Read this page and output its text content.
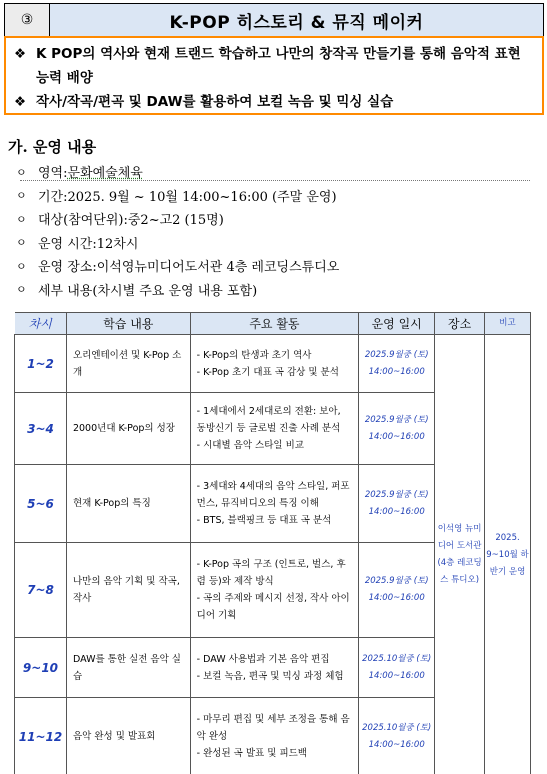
③	K-POP 히스토리 & 뮤직 메이커
❖ K POP의 역사와 현재 트랜드 학습하고 나만의 창작곡 만들기를 통해 음악적 표현 능력 배양
❖ 작사/작곡/편곡 및 DAW를 활용하여 보컬 녹음 및 믹싱 실습
가. 운영 내용
ㅇ 영역: 문화예술체육
ㅇ 기간: 2025. 9월 ~ 10월 14:00~16:00 (주말 운영)
ㅇ 대상(참여단위): 중2~고2 (15명)
ㅇ 운영 시간: 12차시
ㅇ 운영 장소: 이석영뉴미디어도서관 4층 레코딩스튜디오
ㅇ 세부 내용 (차시별 주요 운영 내용 포함)
차시	학습 내용	주요 활동	운영 일시	장소	비고
1~2	오리엔테이션 및 K-Pop 소개	- K-Pop의 탄생과 초기 역사
- K-Pop 초기 대표 곡 감상 및 분석	2025.9월중 (토)
14:00~16:00	이석영 뉴미디어 도서관 (4층 레코딩스 튜디오)	2025. 9~10월 하반기 운영
3~4	2000년대 K-Pop의 성장	- 1세대에서 2세대로의 전환: 보아, 동방신기 등 글로벌 진출 사례 분석
- 시대별 음악 스타일 비교	2025.9월중 (토)
14:00~16:00		

5~6	현재 K-Pop의 특징	- 3세대와 4세대의 음악 스타일, 퍼포먼스, 뮤직비디오의 특징 이해
- BTS, 블랙핑크 등 대표 곡 분석	2025.9월중 (토)
14:00~16:00		

7~8	나만의 음악 기획 및 작곡, 작사	- K-Pop 곡의 구조 (인트로, 벌스, 후렴 등)와 제작 방식
- 곡의 주제와 메시지 선정, 작사 아이디어 기획	2025.9월중 (토)
14:00~16:00		

9~10	DAW를 통한 실전 음악 실습	- DAW 사용법과 기본 음악 편집
- 보컬 녹음, 편곡 및 믹싱 과정 체험	2025.10월중 (토)
14:00~16:00		

11~12	음악 완성 및 발표회	- 마무리 편집 및 세부 조정을 통해 음악 완성
- 완성된 곡 발표 및 피드백	2025.10월중 (토)
14:00~16:00		
